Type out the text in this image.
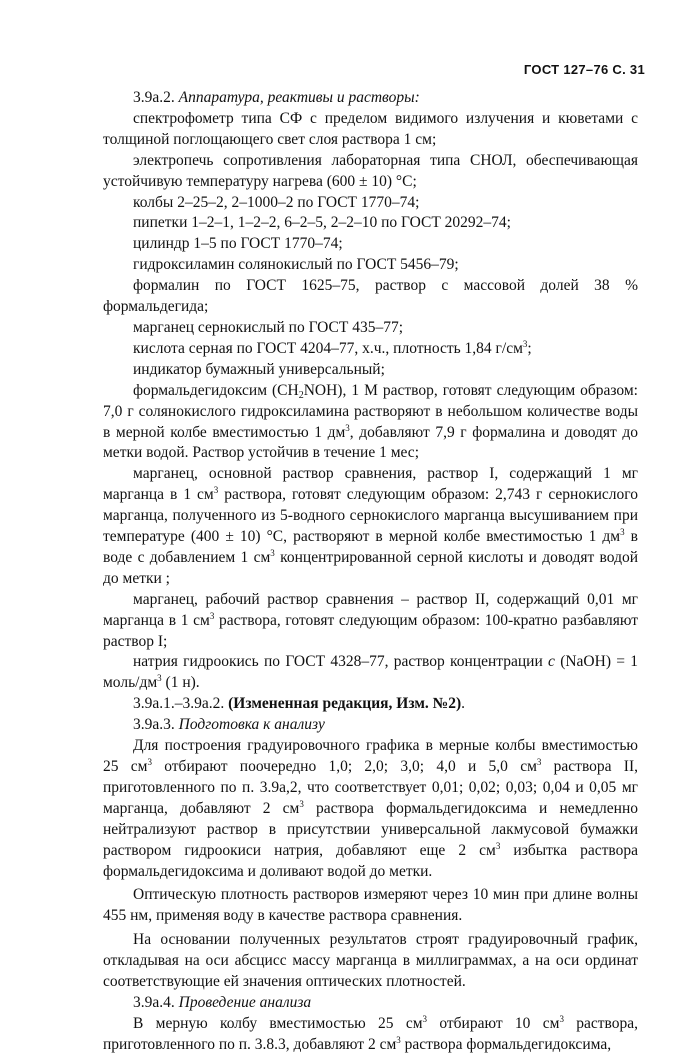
ГОСТ 127–76 С. 31

3.9а.2. Аппаратура, реактивы и растворы:

спектрофометр типа СФ с пределом видимого излучения и кюветами с толщиной поглощающего свет слоя раствора 1 см;

электропечь сопротивления лабораторная типа СНОЛ, обеспечивающая устойчивую температуру нагрева (600 ± 10) °С;

колбы 2–25–2, 2–1000–2 по ГОСТ 1770–74;

пипетки 1–2–1, 1–2–2, 6–2–5, 2–2–10 по ГОСТ 20292–74;

цилиндр 1–5 по ГОСТ 1770–74;

гидроксиламин солянокислый по ГОСТ 5456–79;

формалин по ГОСТ 1625–75, раствор с массовой долей 38 % формальдегида;

марганец сернокислый по ГОСТ 435–77;

кислота серная по ГОСТ 4204–77, х.ч., плотность 1,84 $г/см^3$;

индикатор бумажный универсальный;

формальдегидоксим $(CH_2NOH)$, 1 М раствор, готовят следующим образом: 7,0 г солянокислого гидроксиламина растворяют в небольшом количестве воды в мерной колбе вместимостью 1 $дм^3$, добавляют 7,9 г формалина и доводят до метки водой. Раствор устойчив в течение 1 мес;

марганец, основной раствор сравнения, раствор I, содержащий 1 мг марганца в 1 $см^3$ раствора, готовят следующим образом: 2,743 г сернокислого марганца, полученного из 5-водного сернокислого марганца высушиванием при температуре (400 ± 10) °С, растворяют в мерной колбе вместимостью 1 $дм^3$ в воде с добавлением 1 $см^3$ концентрированной серной кислоты и доводят водой до метки ;

марганец, рабочий раствор сравнения – раствор II, содержащий 0,01 мг марганца в 1 $см^3$ раствора, готовят следующим образом: 100-кратно разбавляют раствор I;

натрия гидроокись по ГОСТ 4328–77, раствор концентрации c (NaOH) = 1 моль/$дм^3$ (1 н).

3.9а.1.–3.9а.2. (Измененная редакция, Изм. №2).

3.9а.3. Подготовка к анализу

Для построения градуировочного графика в мерные колбы вместимостью 25 $см^3$ отбирают поочередно 1,0; 2,0; 3,0; 4,0 и 5,0 $см^3$ раствора II, приготовленного по п. 3.9а,2, что соответствует 0,01; 0,02; 0,03; 0,04 и 0,05 мг марганца, добавляют 2 $см^3$ раствора формальдегидоксима и немедленно нейтрализуют раствор в присутствии универсальной лакмусовой бумажки раствором гидроокиси натрия, добавляют еще 2 $см^3$ избытка раствора формальдегидоксима и доливают водой до метки.

Оптическую плотность растворов измеряют через 10 мин при длине волны 455 нм, применяя воду в качестве раствора сравнения.

На основании полученных результатов строят градуировочный график, откладывая на оси абсцисс массу марганца в миллиграммах, а на оси ординат соответствующие ей значения оптических плотностей.

3.9а.4. Проведение анализа

В мерную колбу вместимостью 25 $см^3$ отбирают 10 $см^3$ раствора, приготовленного по п. 3.8.3, добавляют 2 $см^3$ раствора формальдегидоксима,
